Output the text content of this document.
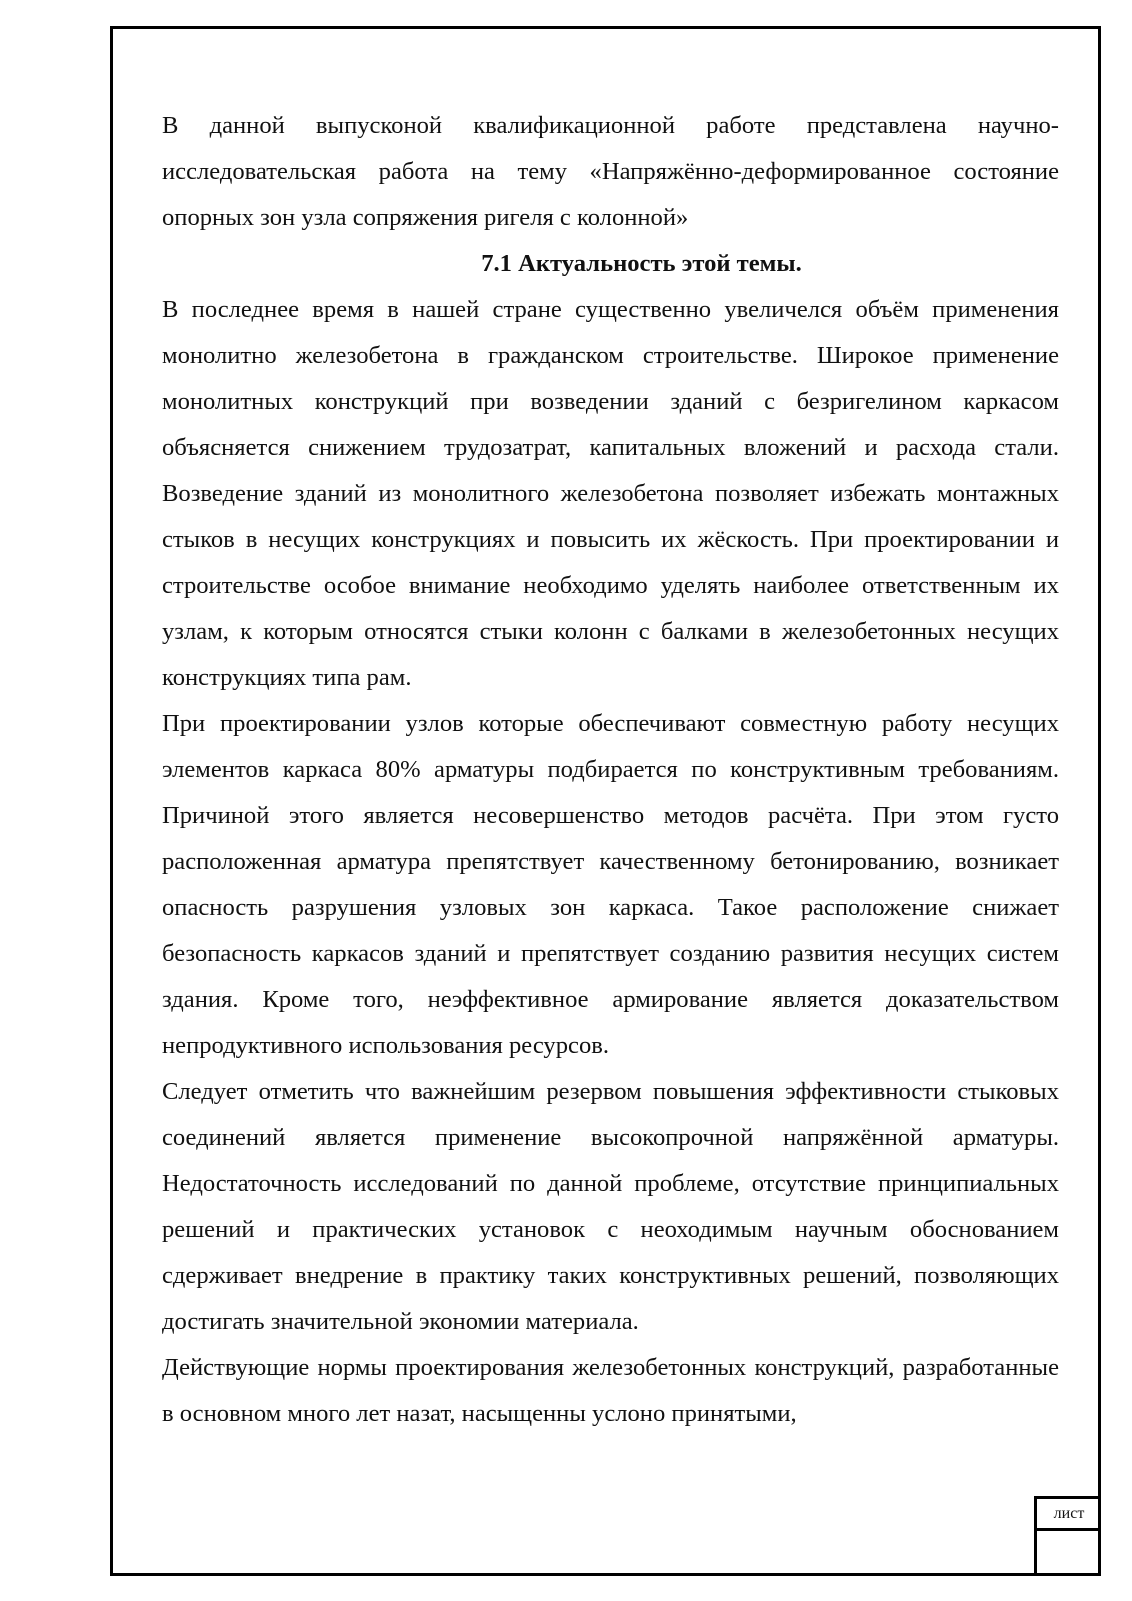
В данной выпусконой квалификационной работе представлена научно-исследовательская работа на тему «Напряжённо-деформированное состояние опорных зон узла сопряжения ригеля с колонной»

7.1 Актуальность этой темы.

В последнее время в нашей стране существенно увеличелся объём применения монолитно железобетона в гражданском строительстве. Широкое применение монолитных конструкций при возведении зданий с безригелином каркасом объясняется снижением трудозатрат, капитальных вложений и расхода стали. Возведение зданий из монолитного железобетона позволяет избежать монтажных стыков в несущих конструкциях и повысить их жёскость. При проектировании и строительстве особое внимание необходимо уделять наиболее ответственным их узлам, к которым относятся стыки колонн с балками в железобетонных несущих конструкциях типа рам.

При проектировании узлов которые обеспечивают совместную работу несущих элементов каркаса 80% арматуры подбирается по конструктивным требованиям. Причиной этого является несовершенство методов расчёта. При этом густо расположенная арматура препятствует качественному бетонированию, возникает опасность разрушения узловых зон каркаса. Такое расположение снижает безопасность каркасов зданий и препятствует созданию развития несущих систем здания. Кроме того, неэффективное армирование является доказательством непродуктивного использования ресурсов.

Следует отметить что важнейшим резервом повышения эффективности стыковых соединений является применение высокопрочной напряжённой арматуры. Недостаточность исследований по данной проблеме, отсутствие принципиальных решений и практических установок с неоходимым научным обоснованием сдерживает внедрение в практику таких конструктивных решений, позволяющих достигать значительной экономии материала.

Действующие нормы проектирования железобетонных конструкций, разработанные в основном много лет назат, насыщенны услоно принятыми,

лист
